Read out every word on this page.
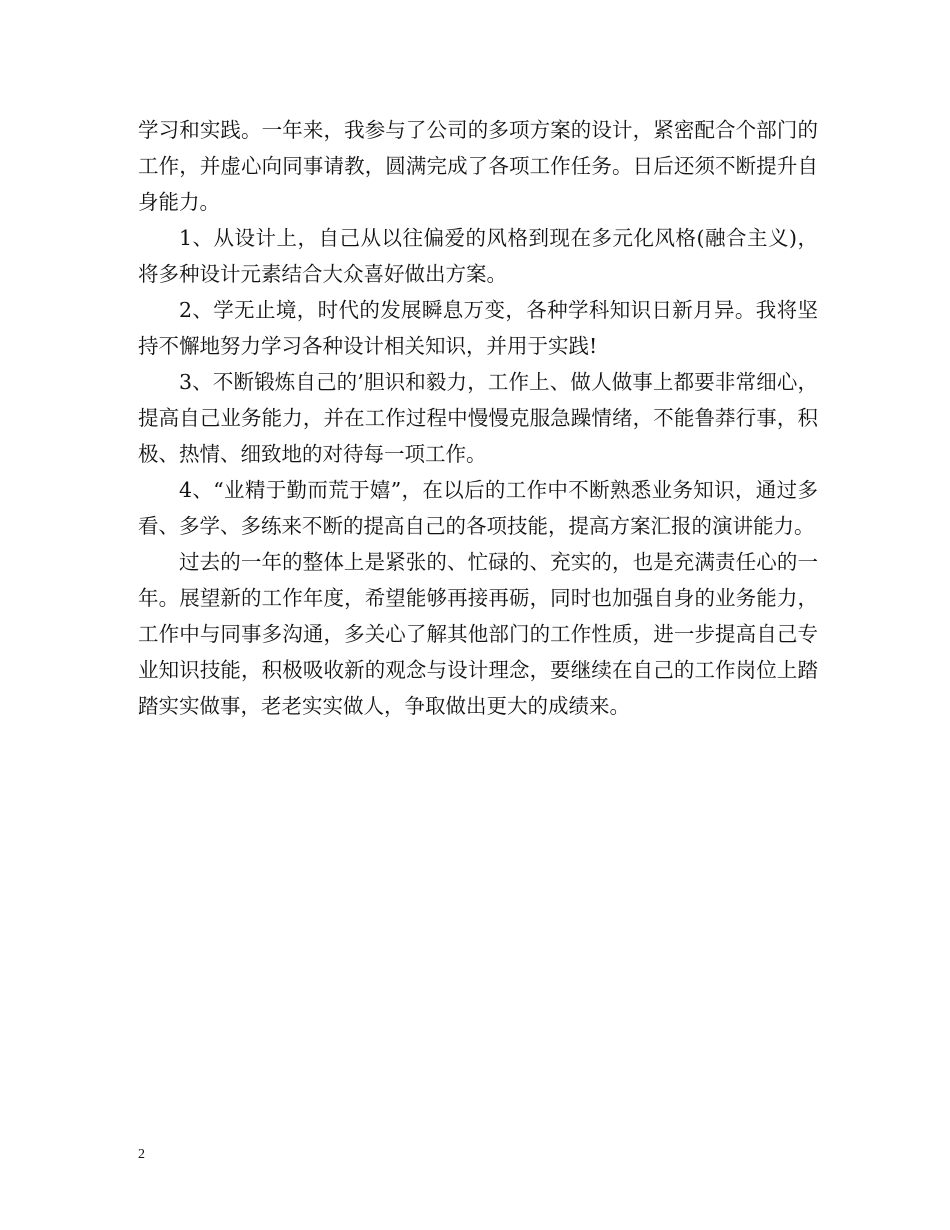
学习和实践。一年来，我参与了公司的多项方案的设计，紧密配合个部门的工作，并虚心向同事请教，圆满完成了各项工作任务。日后还须不断提升自身能力。

1、从设计上，自己从以往偏爱的风格到现在多元化风格(融合主义)，将多种设计元素结合大众喜好做出方案。

2、学无止境，时代的发展瞬息万变，各种学科知识日新月异。我将坚持不懈地努力学习各种设计相关知识，并用于实践!

3、不断锻炼自己的’胆识和毅力，工作上、做人做事上都要非常细心，提高自己业务能力，并在工作过程中慢慢克服急躁情绪，不能鲁莽行事，积极、热情、细致地的对待每一项工作。

4、“业精于勤而荒于嬉”，在以后的工作中不断熟悉业务知识，通过多看、多学、多练来不断的提高自己的各项技能，提高方案汇报的演讲能力。

过去的一年的整体上是紧张的、忙碌的、充实的，也是充满责任心的一年。展望新的工作年度，希望能够再接再砺，同时也加强自身的业务能力，工作中与同事多沟通，多关心了解其他部门的工作性质，进一步提高自己专业知识技能，积极吸收新的观念与设计理念，要继续在自己的工作岗位上踏踏实实做事，老老实实做人，争取做出更大的成绩来。

2
